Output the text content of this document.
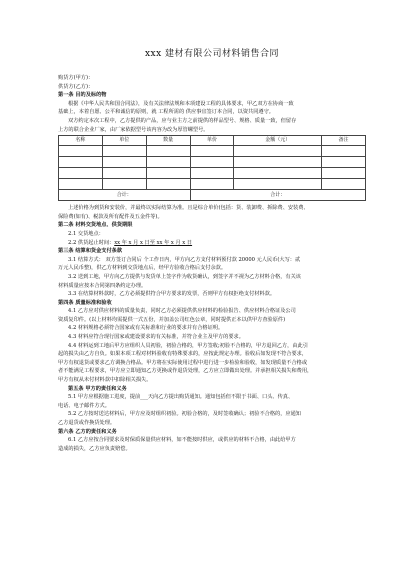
xxx 建材有限公司材料销售合同

购货方(甲方)：

供货方(乙方)：

第一条 目的及标的物

根据《中华人民共和国合同法》，及有关法律法规和本项建设工程的具体要求，甲乙双方在协商一致

基础上，本着自愿、公平和诚信的原则，就 工程所需的 供应事宜签订本合同，以资共同遵守。

双方约定本次工程中，乙方提供的产品，应与业主方之前提供的样品型号、规格、质量一致，但留存

上方的联合企业厂家，由厂家依据型号该内容为改为厚管螺型号。

名称	单位	数量	单价	金额（元）	备注

合计：			合计：		

上述价格为到货和安装价，并最终以实际结算为准。且是综合单价(包括：货、装卸费、拆除费、安装费、

保险费(如有)、税款及所有配件及五金件等)。

第二条 材料交货地点、供货期限

2.1 交货地点：

2.2 供货起止时间：xx 年 x 月 x 日至 xx 年 x 月 x 日

第三条 结算和货金支付条款

3.1 结算方式： 双方签订合同后 个工作日内，甲方向乙方支付材料预付款 20000 元人民币(大写：贰

万元人民币整)，供乙方材料到交货地点后，经甲方验收合格后支付余款。

3.2 送到工地，甲方向乙方提供与发货单上签字作为收货确认，到签字并不视为乙方材料合格，有关该

材料质量应按本合同第四条约定办理。

3.3 在结算材料款时，乙方必须提供符合甲方要求的发票，否则甲方有权拒绝支付材料款。

第四条 质量标准和验收

4.1 乙方应对供应材料的质量负责，同时乙方必须提供供应材料的检验报告、供应材料合格证及公司

资质复印件。(以上材料均需提供一式五份，并加盖公司红色公章，同时提供正本以供甲方查验原件)

4.2 材料规格必须符合国家或有关标准和行业的要求并有合格证明。

4.3 材料应符合现行国家或建设要求的有关标准，并符合业主及甲方的要求。

4.4 材料运到工地后甲方应组织人员初验，初验合格的，甲方签收;初验不合格的，甲方退回乙方，由此引

起的损失由乙方自负。如果本项工程对材料验收有特殊要求的，应按此规定办理。验收后如发现不符合要求，

甲方有权退货或要求乙方调换合格品。甲方将在实际使用过程中进行进一步检验和验收，如发现质量不合格或

者不能满足工程要求，甲方应立即通知乙方更换或作退货处理，乙方应立即做出处理。并承担相关损失和费用，

甲方有权从未付材料款中扣除相关损失。

第五条 甲方的责任和义务

5.1 甲方应根据施工进度，提前___天向乙方提出购货通知。通知包括但不限于书面、口头、传真、

电话、电子邮件方式。

5.2 乙方按时送达材料后，甲方应及时组织初验。初验合格的，及时签收确认；初验不合格的，应通知

乙方退货或作换货处理。

第六条 乙方的责任和义务

6.1 乙方应按合同要求及时保质保量供应材料，如不能按时供应，或供应的材料不合格，由此给甲方

造成的损失，乙方应负责赔偿。
